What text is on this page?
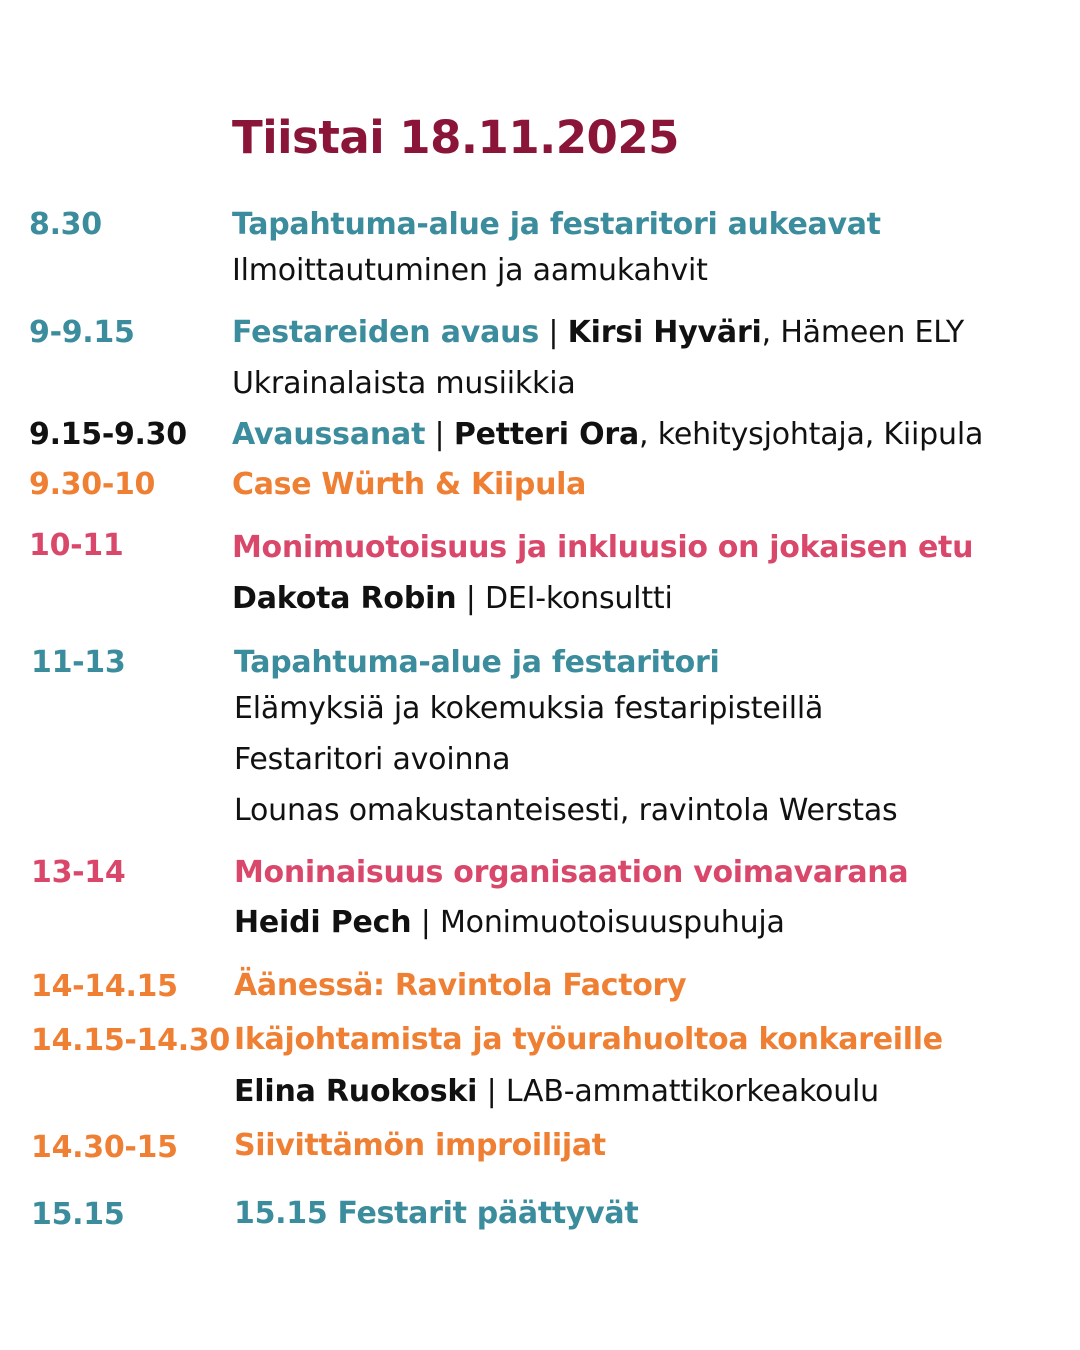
Tiistai 18.11.2025
8.30	Tapahtuma-alue ja festaritori aukeavat
Ilmoittautuminen ja aamukahvit
9-9.15	Festareiden avaus | Kirsi Hyväri, Hämeen ELY
Ukrainalaista musiikkia
9.15-9.30 Avaussanat | Petteri Ora, kehitysjohtaja, Kiipula
9.30-10	Case Würth & Kiipula
10-11	Monimuotoisuus ja inkluusio on jokaisen etu
Dakota Robin | DEI-konsultti
11-13	Tapahtuma-alue ja festaritori
Elämyksiä ja kokemuksia festaripisteillä
Festaritori avoinna
Lounas omakustanteisesti, ravintola Werstas
13-14	Moninaisuus organisaation voimavarana
Heidi Pech | Monimuotoisuuspuhuja
14-14.15 Äänessä: Ravintola Factory
14.15-14.30 Ikäjohtamista ja työurahuoltoa konkareille
Elina Ruokoski | LAB-ammattikorkeakoulu
14.30-15 Siivittämön improilijat
15.15	15.15 Festarit päättyvät
